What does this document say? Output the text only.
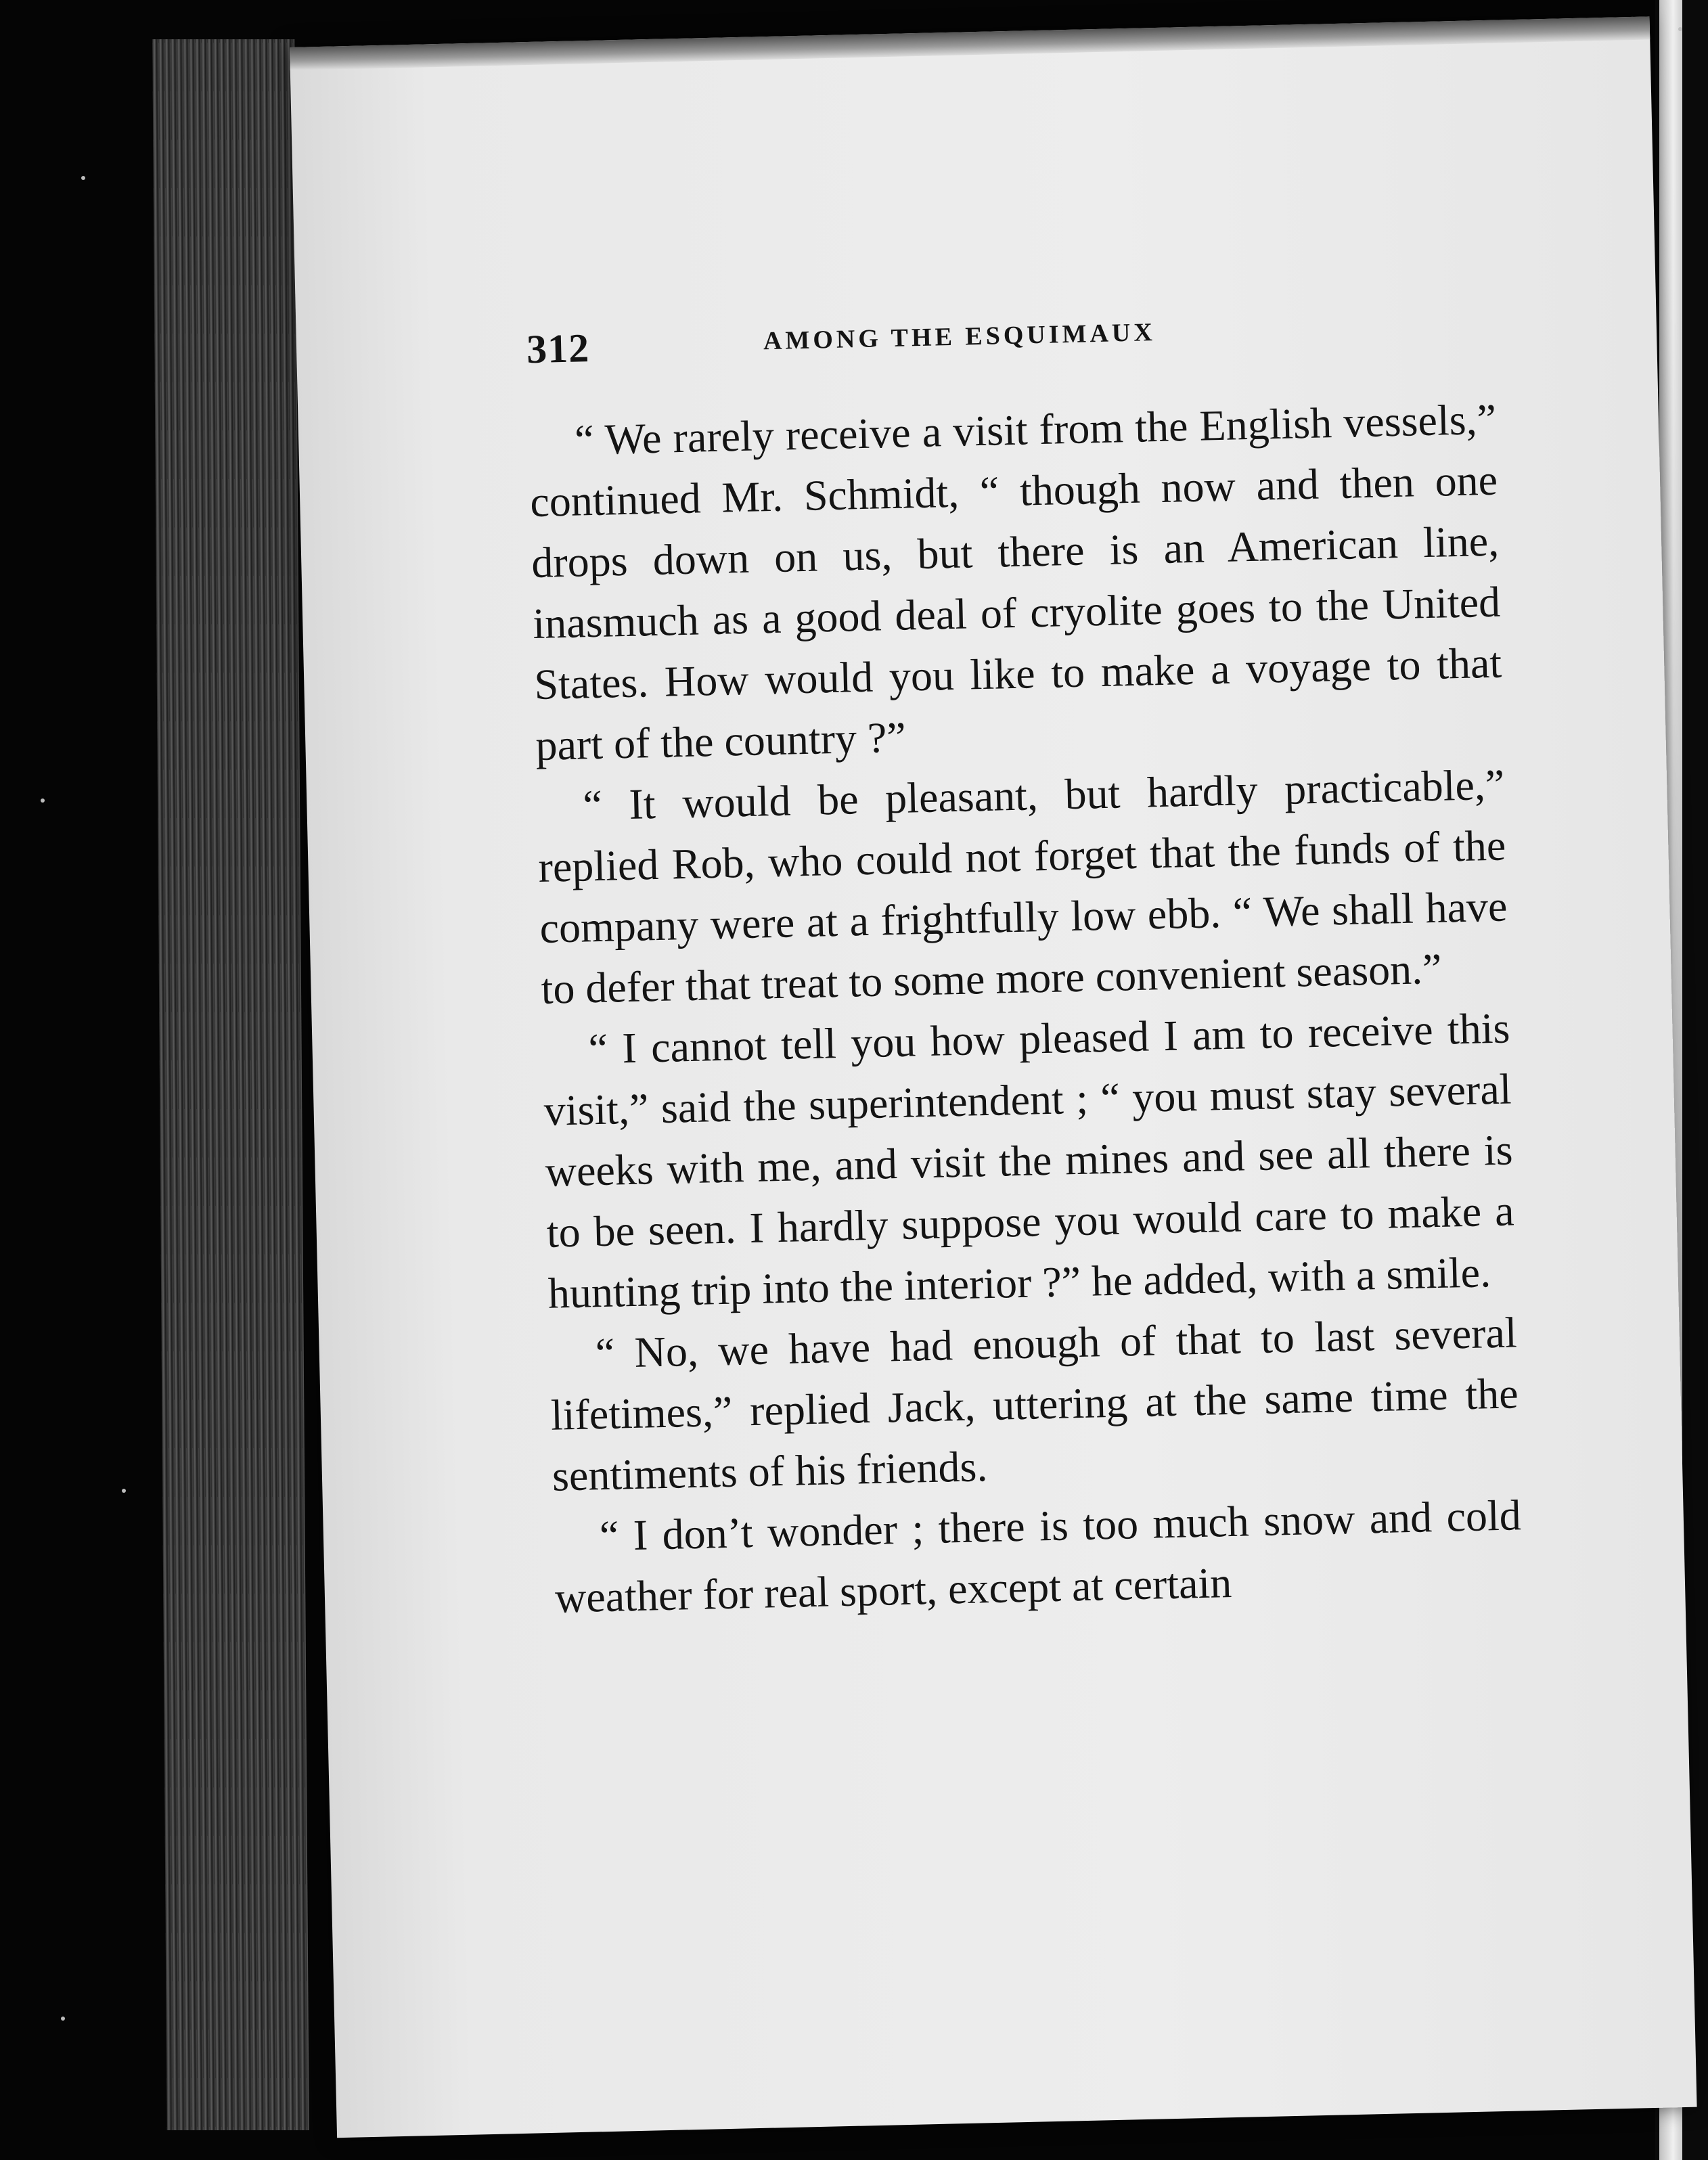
312	AMONG THE ESQUIMAUX

“ We rarely receive a visit from the English vessels,” continued Mr. Schmidt, “ though now and then one drops down on us, but there is an American line, inasmuch as a good deal of cryolite goes to the United States. How would you like to make a voyage to that part of the country ?”

“ It would be pleasant, but hardly practicable,” replied Rob, who could not forget that the funds of the company were at a frightfully low ebb. “ We shall have to defer that treat to some more convenient season.”

“ I cannot tell you how pleased I am to receive this visit,” said the superintendent ; “ you must stay several weeks with me, and visit the mines and see all there is to be seen. I hardly suppose you would care to make a hunting trip into the interior ?” he added, with a smile.

“ No, we have had enough of that to last several lifetimes,” replied Jack, uttering at the same time the sentiments of his friends.

“ I don’t wonder ; there is too much snow and cold weather for real sport, except at certain
